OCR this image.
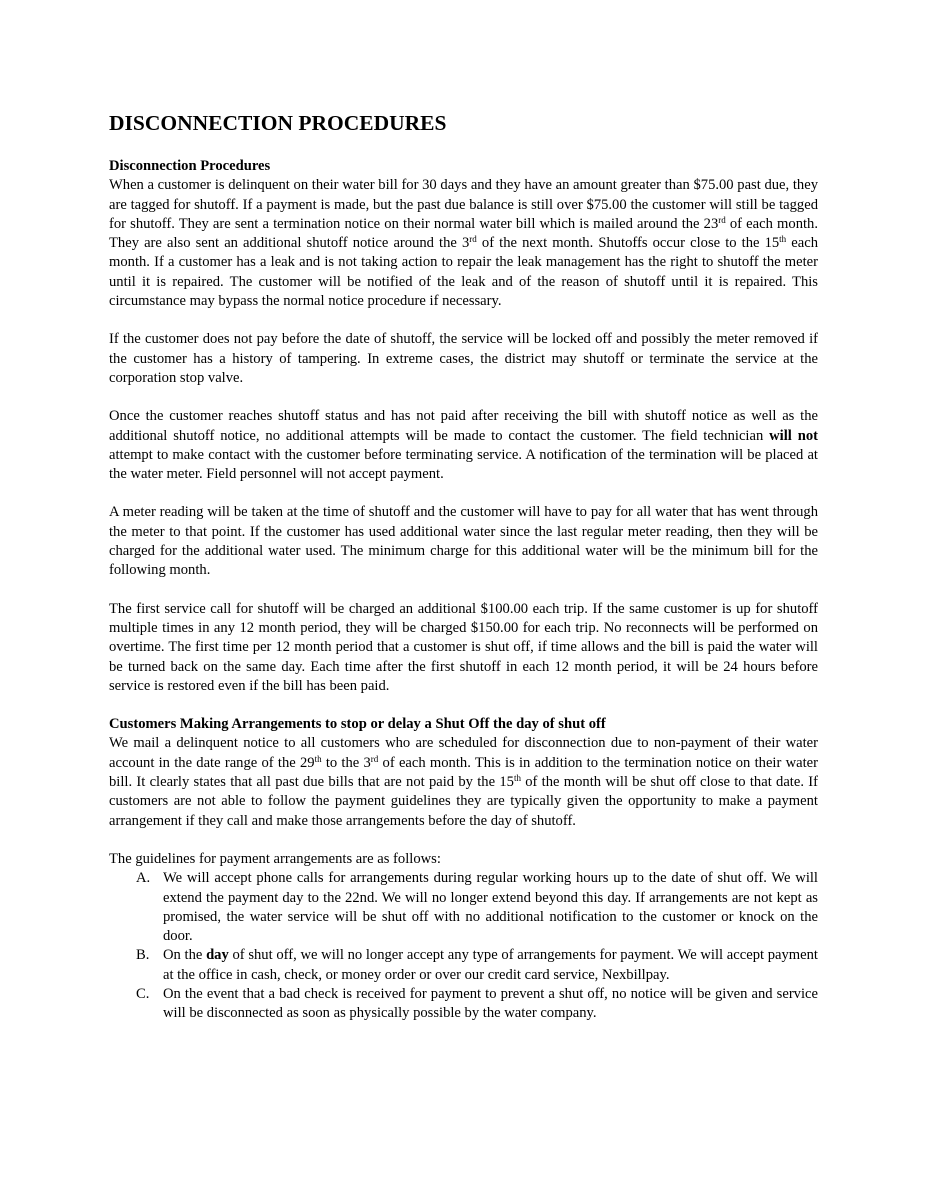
DISCONNECTION PROCEDURES
Disconnection Procedures

When a customer is delinquent on their water bill for 30 days and they have an amount greater than $75.00 past due, they are tagged for shutoff. If a payment is made, but the past due balance is still over $75.00 the customer will still be tagged for shutoff. They are sent a termination notice on their normal water bill which is mailed around the 23rd of each month. They are also sent an additional shutoff notice around the 3rd of the next month. Shutoffs occur close to the 15th each month. If a customer has a leak and is not taking action to repair the leak management has the right to shutoff the meter until it is repaired. The customer will be notified of the leak and of the reason of shutoff until it is repaired. This circumstance may bypass the normal notice procedure if necessary.

If the customer does not pay before the date of shutoff, the service will be locked off and possibly the meter removed if the customer has a history of tampering. In extreme cases, the district may shutoff or terminate the service at the corporation stop valve.

Once the customer reaches shutoff status and has not paid after receiving the bill with shutoff notice as well as the additional shutoff notice, no additional attempts will be made to contact the customer. The field technician will not attempt to make contact with the customer before terminating service. A notification of the termination will be placed at the water meter. Field personnel will not accept payment.

A meter reading will be taken at the time of shutoff and the customer will have to pay for all water that has went through the meter to that point. If the customer has used additional water since the last regular meter reading, then they will be charged for the additional water used. The minimum charge for this additional water will be the minimum bill for the following month.

The first service call for shutoff will be charged an additional $100.00 each trip. If the same customer is up for shutoff multiple times in any 12 month period, they will be charged $150.00 for each trip. No reconnects will be performed on overtime. The first time per 12 month period that a customer is shut off, if time allows and the bill is paid the water will be turned back on the same day. Each time after the first shutoff in each 12 month period, it will be 24 hours before service is restored even if the bill has been paid.

Customers Making Arrangements to stop or delay a Shut Off the day of shut off

We mail a delinquent notice to all customers who are scheduled for disconnection due to non-payment of their water account in the date range of the 29th to the 3rd of each month. This is in addition to the termination notice on their water bill. It clearly states that all past due bills that are not paid by the 15th of the month will be shut off close to that date. If customers are not able to follow the payment guidelines they are typically given the opportunity to make a payment arrangement if they call and make those arrangements before the day of shutoff.

The guidelines for payment arrangements are as follows:

A. We will accept phone calls for arrangements during regular working hours up to the date of shut off. We will extend the payment day to the 22nd. We will no longer extend beyond this day. If arrangements are not kept as promised, the water service will be shut off with no additional notification to the customer or knock on the door.
B. On the day of shut off, we will no longer accept any type of arrangements for payment. We will accept payment at the office in cash, check, or money order or over our credit card service, Nexbillpay.
C. On the event that a bad check is received for payment to prevent a shut off, no notice will be given and service will be disconnected as soon as physically possible by the water company.
